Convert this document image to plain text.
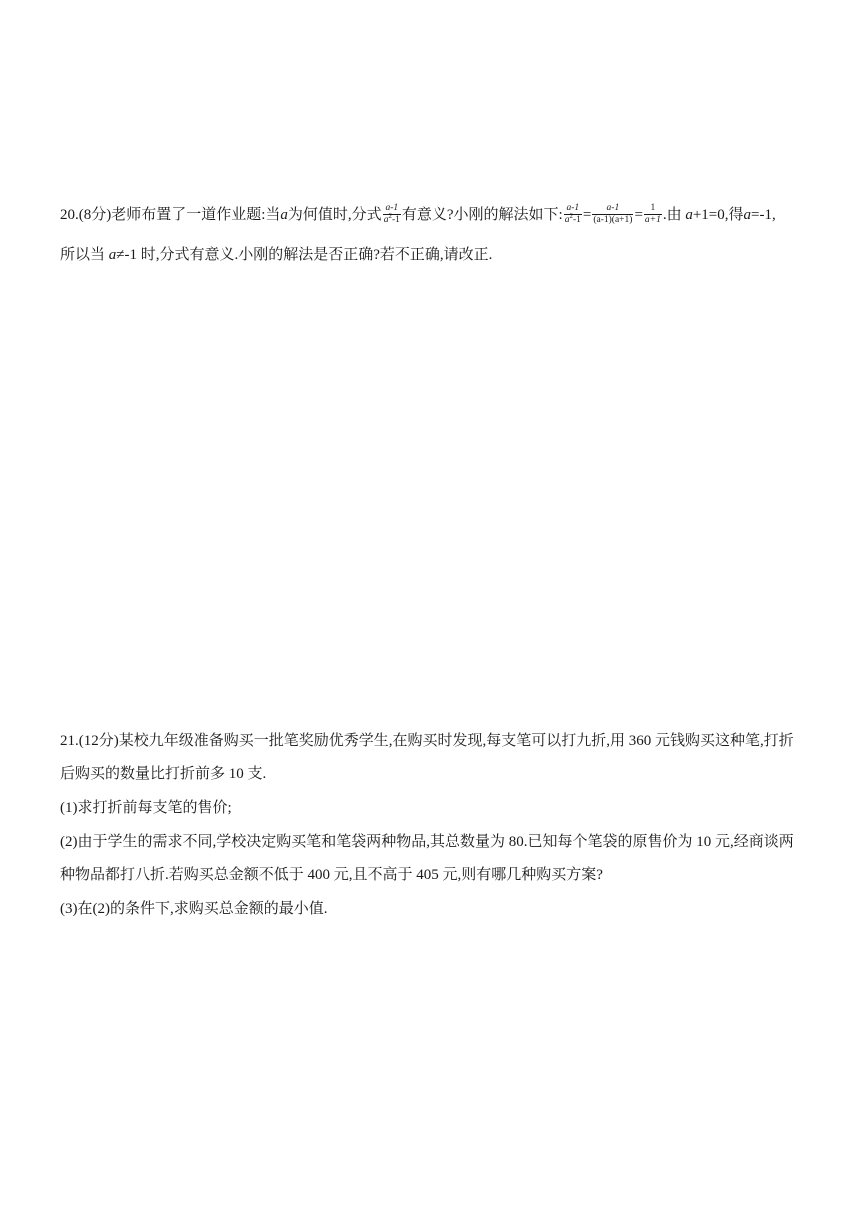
20.(8分)老师布置了一道作业题:当a为何值时,分式 $\frac{a-1}{a^2-1}$ 有意义?小刚的解法如下: $\frac{a-1}{a^2-1} = \frac{a-1}{(a-1)(a+1)} = \frac{1}{a+1}$ .由 a+1=0,得a=-1,
所以当 a≠-1 时,分式有意义.小刚的解法是否正确?若不正确,请改正.
21.(12分)某校九年级准备购买一批笔奖励优秀学生,在购买时发现,每支笔可以打九折,用 360 元钱购买这种笔,打折
后购买的数量比打折前多 10 支.
(1)求打折前每支笔的售价;
(2)由于学生的需求不同,学校决定购买笔和笔袋两种物品,其总数量为 80.已知每个笔袋的原售价为 10 元,经商谈两
种物品都打八折.若购买总金额不低于 400 元,且不高于 405 元,则有哪几种购买方案?
(3)在(2)的条件下,求购买总金额的最小值.
